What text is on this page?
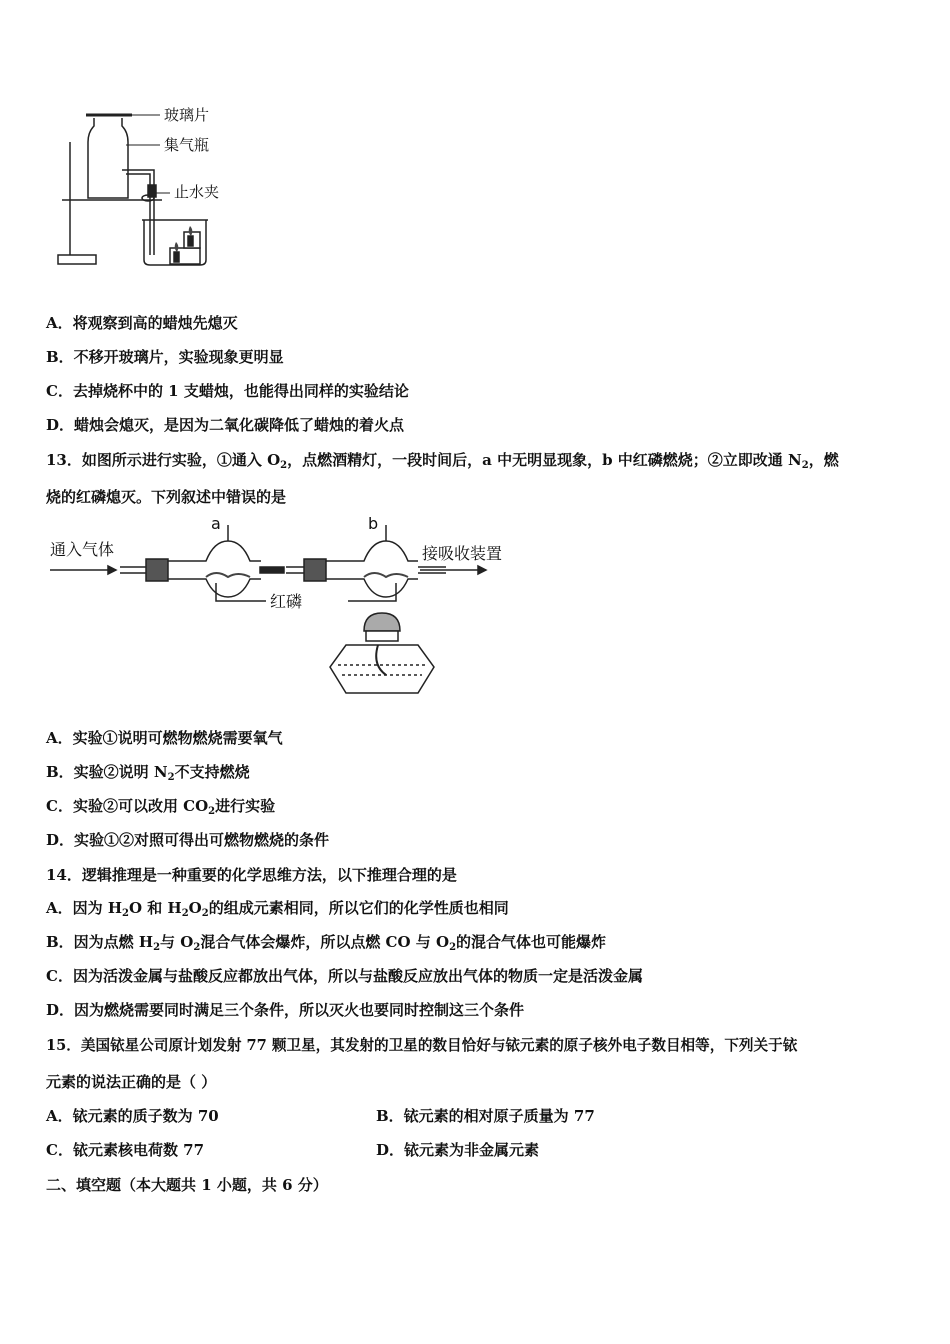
玻璃片
集气瓶
止水夹
A．将观察到高的蜡烛先熄灭
B．不移开玻璃片，实验现象更明显
C．去掉烧杯中的 1 支蜡烛，也能得出同样的实验结论
D．蜡烛会熄灭，是因为二氧化碳降低了蜡烛的着火点
13．如图所示进行实验，①通入 $O_2$，点燃酒精灯，一段时间后，a 中无明显现象，b 中红磷燃烧；②立即改通 $N_2$，燃
烧的红磷熄灭。下列叙述中错误的是
通入气体
a	b
接吸收装置
红磷
A．实验①说明可燃物燃烧需要氧气
B．实验②说明 $N_2$不支持燃烧
C．实验②可以改用 $CO_2$进行实验
D．实验①②对照可得出可燃物燃烧的条件
14．逻辑推理是一种重要的化学思维方法，以下推理合理的是
A．因为 $H_2O$ 和 $H_2O_2$的组成元素相同，所以它们的化学性质也相同
B．因为点燃 $H_2$与 $O_2$混合气体会爆炸，所以点燃 CO 与 $O_2$的混合气体也可能爆炸
C．因为活泼金属与盐酸反应都放出气体，所以与盐酸反应放出气体的物质一定是活泼金属
D．因为燃烧需要同时满足三个条件，所以灭火也要同时控制这三个条件
15．美国铱星公司原计划发射 77 颗卫星，其发射的卫星的数目恰好与铱元素的原子核外电子数目相等，下列关于铱
元素的说法正确的是（ ）
A．铱元素的质子数为 70	B．铱元素的相对原子质量为 77
C．铱元素核电荷数 77	D．铱元素为非金属元素
二、填空题（本大题共 1 小题，共 6 分）
